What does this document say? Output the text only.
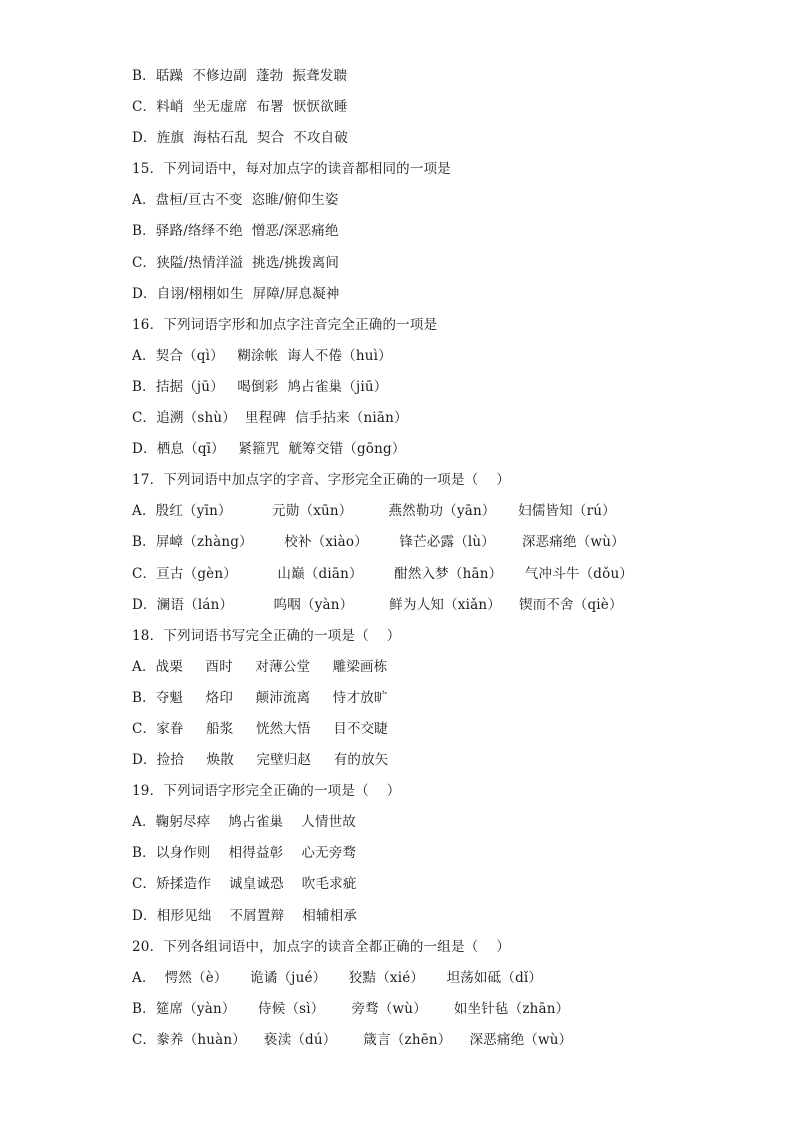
B．聒躁  不修边副  蓬勃  振聋发聩
C．料峭  坐无虚席  布署  恹恹欲睡
D．旌旗  海枯石乱  契合  不攻自破
15．下列词语中，每对加点字的读音都相同的一项是
A．盘桓/亘古不变  恣睢/俯仰生姿
B．驿路/络绎不绝  憎恶/深恶痛绝
C．狭隘/热情洋溢  挑选/挑拨离间
D．自诩/栩栩如生  屏障/屏息凝神
16．下列词语字形和加点字注音完全正确的一项是
A．契合（qì）   糊涂帐  诲人不倦（huì）
B．拮据（jū）   喝倒彩  鸠占雀巢（jiū）
C．追溯（shù）  里程碑  信手拈来（niān）
D．栖息（qī）   紧箍咒  觥筹交错（gōng）
17．下列词语中加点字的字音、字形完全正确的一项是（    ）
A．殷红（yīn）         元勋（xūn）        燕然勒功（yān）     妇儒皆知（rú）
B．屏嶂（zhàng）       校补（xiào）       锋芒必露（lù）      深恶痛绝（wù）
C．亘古（gèn）         山巅（diān）       酣然入梦（hān）     气冲斗牛（dǒu）
D．澜语（lán）         呜咽（yàn）        鲜为人知（xiǎn）    锲而不舍（qiè）
18．下列词语书写完全正确的一项是（    ）
A．战栗     酉时     对薄公堂     雕梁画栋
B．夺魁     烙印     颠沛流离     恃才放旷
C．家眷     船浆     恍然大悟     目不交睫
D．捡拾     焕散     完壁归赵     有的放矢
19．下列词语字形完全正确的一项是（    ）
A．鞠躬尽瘁    鸠占雀巢    人情世故
B．以身作则    相得益彰    心无旁骛
C．矫揉造作    诚皇诚恐    吹毛求疵
D．相形见绌    不屑置辩    相辅相承
20．下列各组词语中，加点字的读音全都正确的一组是（    ）
A．  愕然（è）     诡谲（jué）     狡黠（xié）     坦荡如砥（dǐ）
B．筵席（yàn）     侍候（sì）      旁骛（wù）      如坐针毡（zhān）
C．豢养（huàn）    亵渎（dú）      箴言（zhēn）    深恶痛绝（wù）
